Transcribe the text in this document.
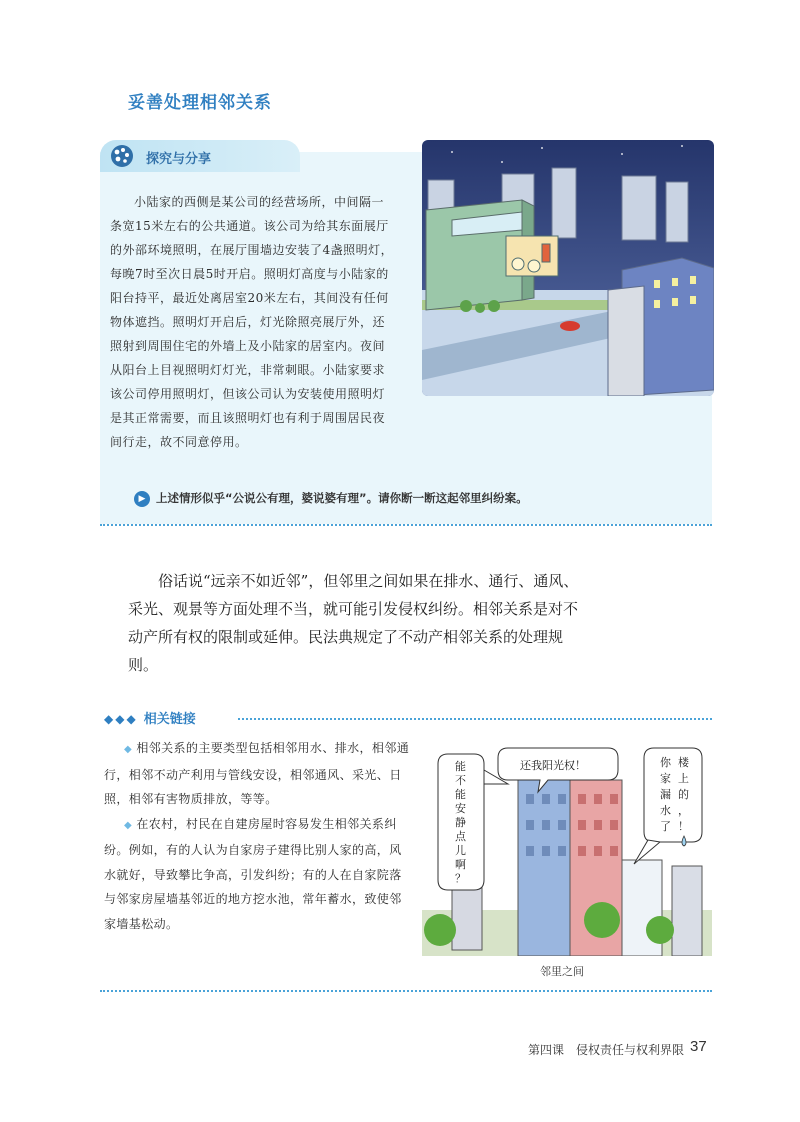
妥善处理相邻关系
探究与分享

小陆家的西侧是某公司的经营场所，中间隔一条宽15米左右的公共通道。该公司为给其东面展厅的外部环境照明，在展厅围墙边安装了4盏照明灯，每晚7时至次日晨5时开启。照明灯高度与小陆家的阳台持平，最近处离居室20米左右，其间没有任何物体遮挡。照明灯开启后，灯光除照亮展厅外，还照射到周围住宅的外墙上及小陆家的居室内。夜间从阳台上目视照明灯灯光，非常刺眼。小陆家要求该公司停用照明灯，但该公司认为安装使用照明灯是其正常需要，而且该照明灯也有利于周围居民夜间行走，故不同意停用。

▶ 上述情形似乎“公说公有理，婆说婆有理”。请你断一断这起邻里纠纷案。

俗话说“远亲不如近邻”，但邻里之间如果在排水、通行、通风、采光、观景等方面处理不当，就可能引发侵权纠纷。相邻关系是对不动产所有权的限制或延伸。民法典规定了不动产相邻关系的处理规则。

◆◆◆ 相关链接

◆ 相邻关系的主要类型包括相邻用水、排水，相邻通行，相邻不动产利用与管线安设，相邻通风、采光、日照，相邻有害物质排放，等等。
◆ 在农村，村民在自建房屋时容易发生相邻关系纠纷。例如，有的人认为自家房子建得比别人家的高，风水就好，导致攀比争高，引发纠纷；有的人在自家院落与邻家房屋墙基邻近的地方挖水池，常年蓄水，致使邻家墙基松动。

还我阳光权！
能
不
能
安
静
点
儿
啊
？
你
家
漏
水
了
楼
上
的
，
！
邻里之间
第四课　侵权责任与权利界限 37
